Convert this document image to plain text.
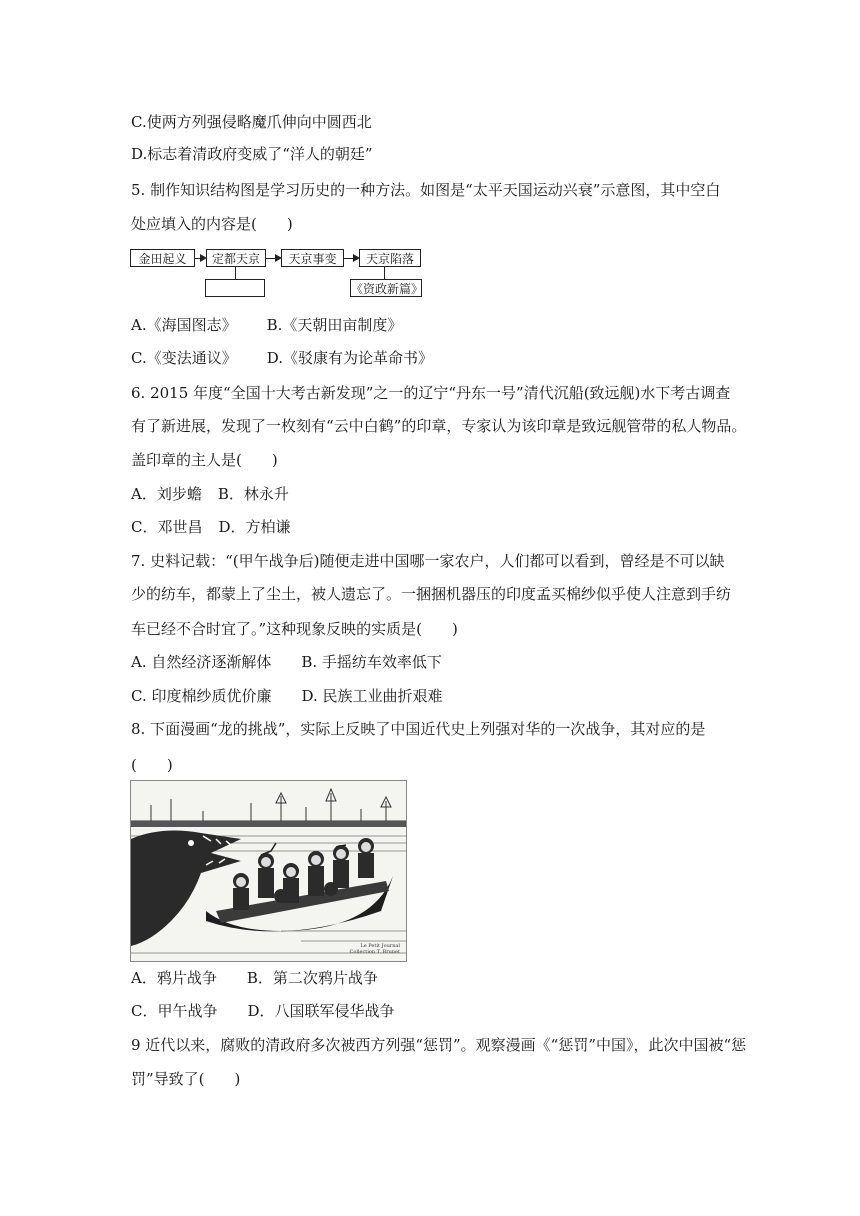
C.使两方列强侵略魔爪伸向中圆西北
D.标志着清政府变威了“洋人的朝廷”
5. 制作知识结构图是学习历史的一种方法。如图是“太平天国运动兴衰”示意图，其中空白
处应填入的内容是(　　)
金田起义	定都天京	天京事变	天京陷落
《资政新篇》
A.《海国图志》 B.《天朝田亩制度》
C.《变法通议》 D.《驳康有为论革命书》
6. 2015 年度“全国十大考古新发现”之一的辽宁“丹东一号”清代沉船(致远舰)水下考古调查
有了新进展，发现了一枚刻有“云中白鹤”的印章，专家认为该印章是致远舰管带的私人物品。
盖印章的主人是(　　)
A．刘步蟾 B．林永升
C．邓世昌 D．方柏谦
7. 史料记载：“(甲午战争后)随便走进中国哪一家农户，人们都可以看到，曾经是不可以缺
少的纺车，都蒙上了尘土，被人遗忘了。一捆捆机器压的印度孟买棉纱似乎使人注意到手纺
车已经不合时宜了。”这种现象反映的实质是(　　)
A. 自然经济逐渐解体 B. 手摇纺车效率低下
C. 印度棉纱质优价廉 D. 民族工业曲折艰难
8. 下面漫画“龙的挑战”，实际上反映了中国近代史上列强对华的一次战争，其对应的是
(　　)
Le Petit Journal
Collection T. Brunet
A．鸦片战争 B．第二次鸦片战争
C．甲午战争 D．八国联军侵华战争
9 近代以来，腐败的清政府多次被西方列强“惩罚”。观察漫画《“惩罚”中国》，此次中国被“惩
罚”导致了(　　)
